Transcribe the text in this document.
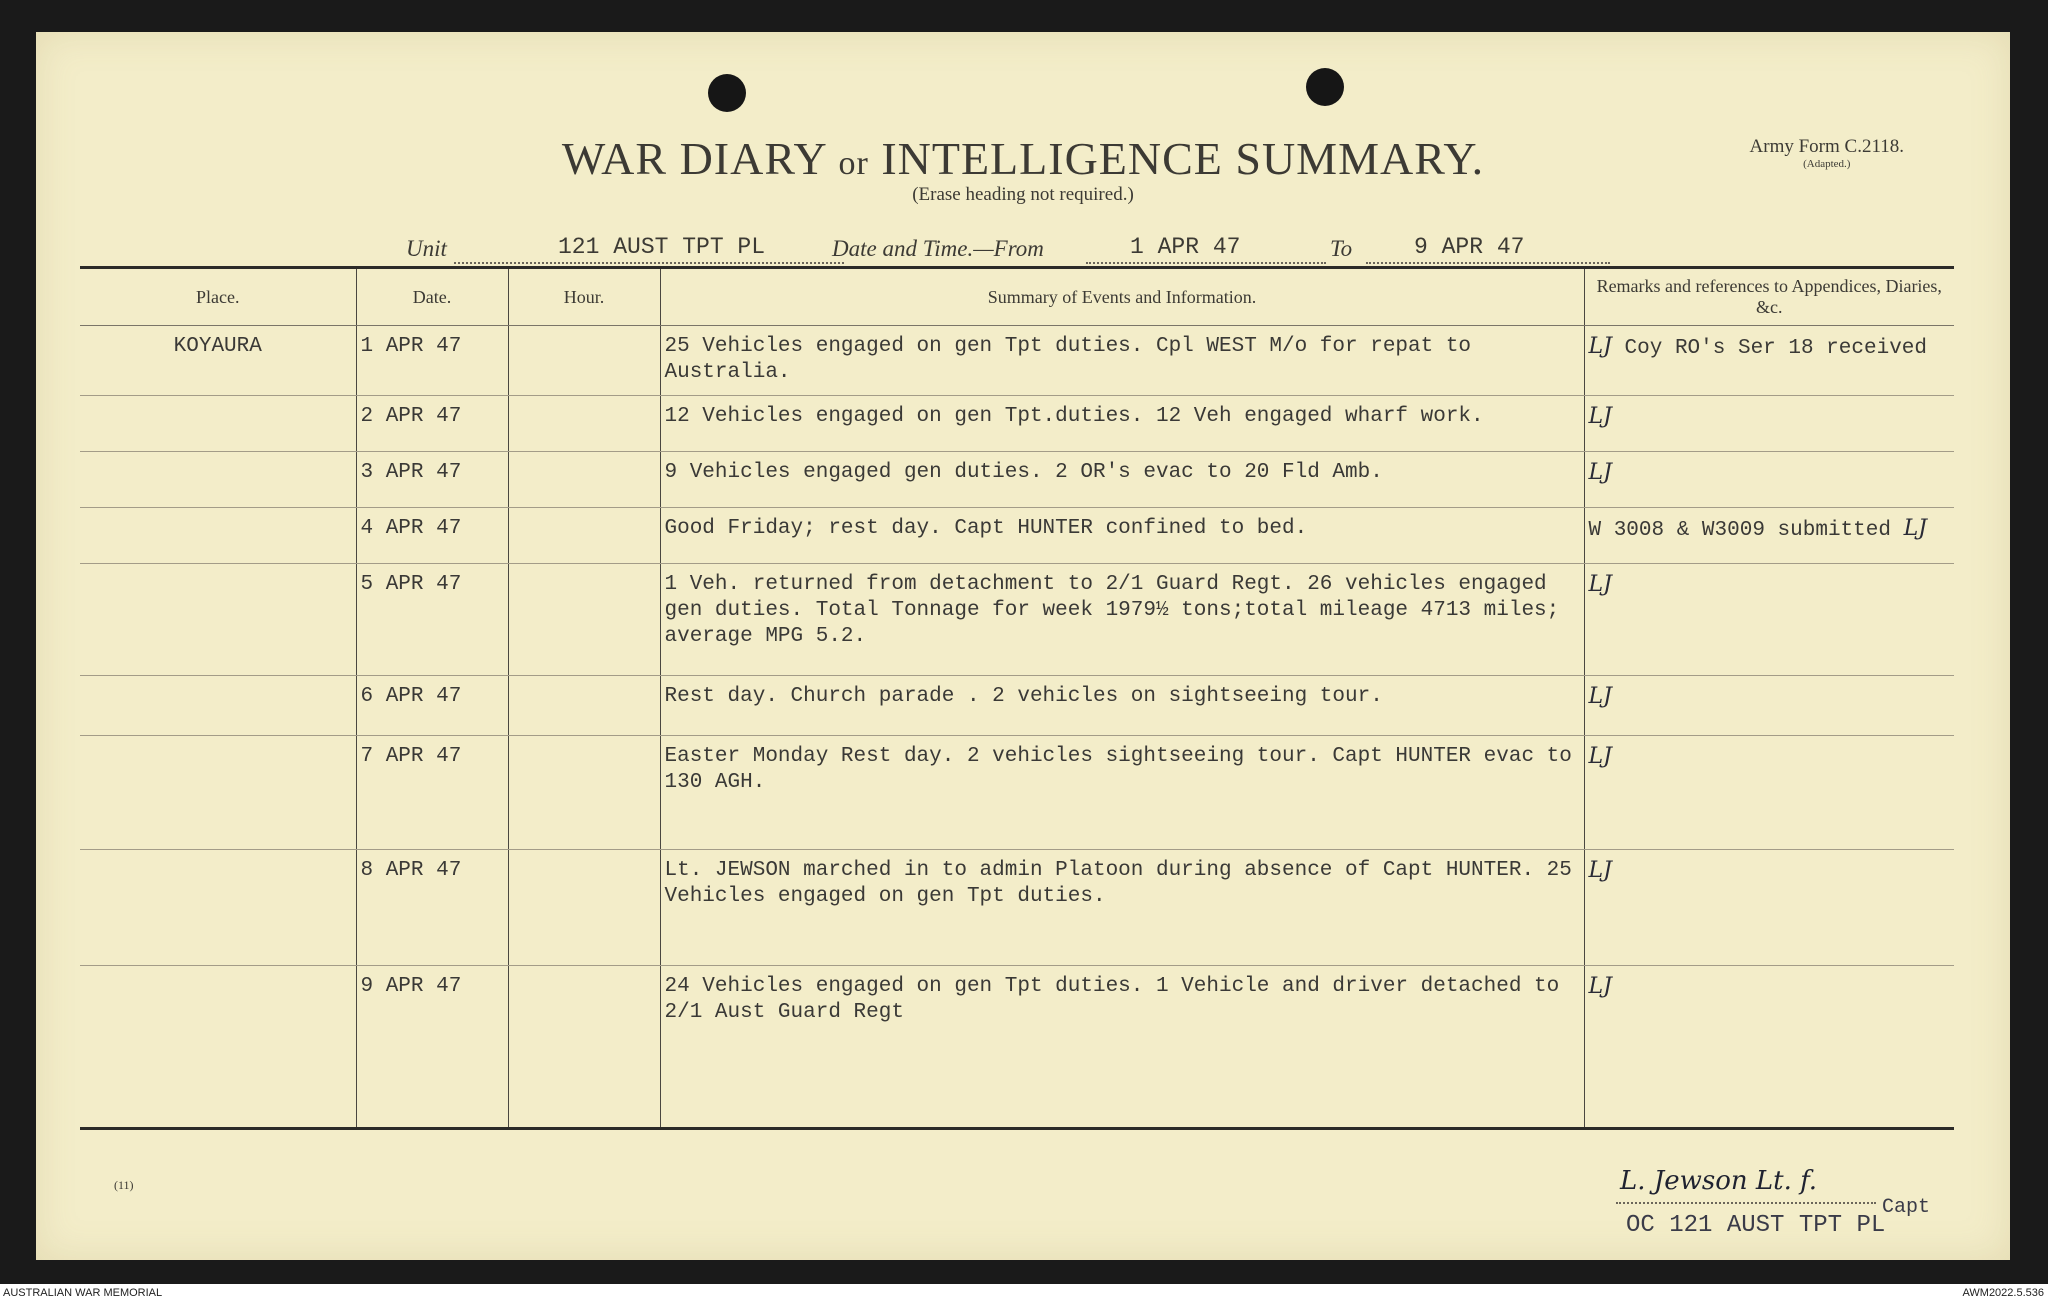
WAR DIARY or INTELLIGENCE SUMMARY.
(Erase heading not required.)
Army Form C.2118.
(Adapted.)
Unit	121 AUST TPT PL	Date and Time.—From	1 APR 47	To	9 APR 47
Place.	Date.	Hour.	Summary of Events and Information.	Remarks and references to Appendices, Diaries, &c.
KOYAURA	1 APR 47		25 Vehicles engaged on gen Tpt duties. Cpl WEST M/o for repat to Australia.	LJ Coy RO's Ser 18 received
	2 APR 47		12 Vehicles engaged on gen Tpt.duties. 12 Veh engaged wharf work.	LJ
	3 APR 47		9 Vehicles engaged gen duties. 2 OR's evac to 20 Fld Amb.	LJ
	4 APR 47		Good Friday; rest day. Capt HUNTER confined to bed.	W 3008 & W3009 submitted LJ
	5 APR 47		1 Veh. returned from detachment to 2/1 Guard Regt. 26 vehicles engaged gen duties. Total Tonnage for week 1979½ tons;total mileage 4713 miles; average MPG 5.2.	LJ
	6 APR 47		Rest day. Church parade . 2 vehicles on sightseeing tour.	LJ
	7 APR 47		Easter Monday Rest day. 2 vehicles sightseeing tour. Capt HUNTER evac to 130 AGH.	LJ
	8 APR 47		Lt. JEWSON marched in to admin Platoon during absence of Capt HUNTER. 25 Vehicles engaged on gen Tpt duties.	LJ
	9 APR 47		24 Vehicles engaged on gen Tpt duties. 1 Vehicle and driver detached to 2/1 Aust Guard Regt	LJ
(11)	L. Jewson Lt. f.
Capt
OC 121 AUST TPT PL
AUSTRALIAN WAR MEMORIAL	AWM2022.5.536
